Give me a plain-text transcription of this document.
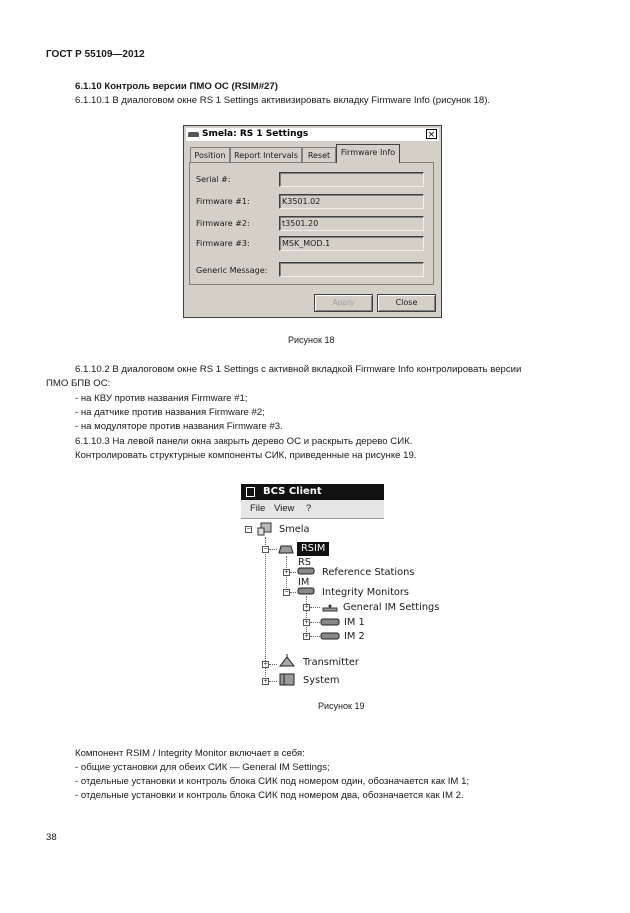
ГОСТ Р 55109—2012
6.1.10 Контроль версии ПМО ОС (RSIM#27)
6.1.10.1 В диалоговом окне RS 1 Settings активизировать вкладку Firmware Info (рисунок 18).
Smela: RS 1 Settings	×
Position	Report Intervals	Reset	Firmware Info
Serial #:
Firmware #1:	K3501.02
Firmware #2:	t3501.20
Firmware #3:	MSK_MOD.1
Generic Message:
Apply	Close
Рисунок 18
6.1.10.2 В диалоговом окне RS 1 Settings с активной вкладкой Firmware Info контролировать версии
ПМО БПВ ОС:
- на КВУ против названия Firmware #1;
- на датчике против названия Firmware #2;
- на модуляторе против названия Firmware #3.
6.1.10.3 На левой панели окна закрыть дерево ОС и раскрыть дерево СИК.
Контролировать структурные компоненты СИК, приведенные на рисунке 19.
BCS Client
File View ?
−	Smela
−	RSIM
RS
+	Reference Stations
IM
−	Integrity Monitors
+	General IM Settings
+	IM 1
+	IM 2
+	Transmitter
+	System
Рисунок 19
Компонент RSIM / Integrity Monitor включает в себя:
- общие установки для обеих СИК — General IM Settings;
- отдельные установки и контроль блока СИК под номером один, обозначается как IM 1;
- отдельные установки и контроль блока СИК под номером два, обозначается как IM 2.
38
